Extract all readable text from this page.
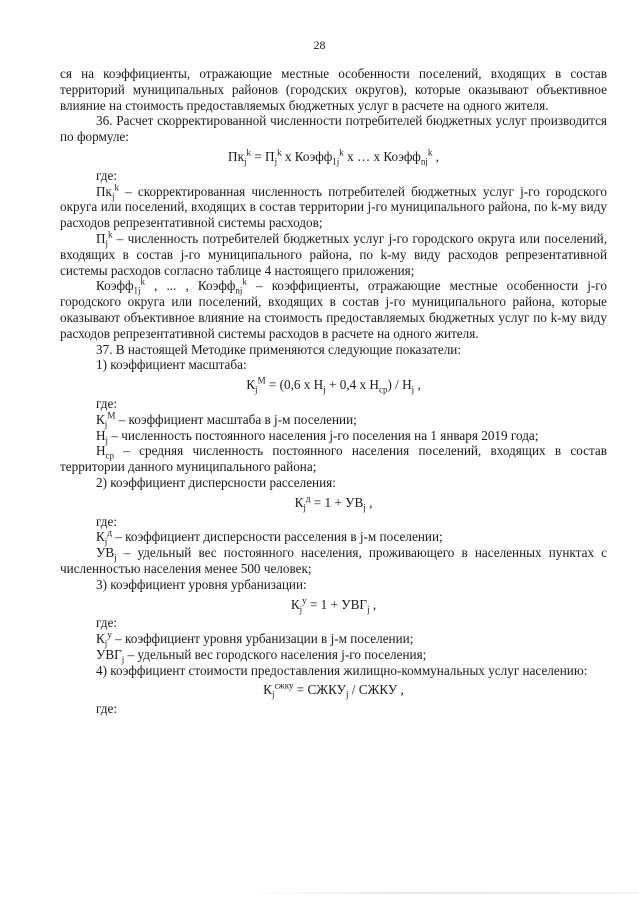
28

ся на коэффициенты, отражающие местные особенности поселений, входящих в состав территорий муниципальных районов (городских округов), которые оказывают объективное влияние на стоимость предоставляемых бюджетных услуг в расчете на одного жителя.

36. Расчет скорректированной численности потребителей бюджетных услуг производится по формуле:

$Пк_j^k = П_j^k$ х Коэфф$_{1j}^k$ х … х Коэфф$_{nj}^k$ ,

где:

$Пк_j^k$ – скорректированная численность потребителей бюджетных услуг j-го городского округа или поселений, входящих в состав территории j-го муниципального района, по k-му виду расходов репрезентативной системы расходов;

$П_j^k$ – численность потребителей бюджетных услуг j-го городского округа или поселений, входящих в состав j-го муниципального района, по k-му виду расходов репрезентативной системы расходов согласно таблице 4 настоящего приложения;

Коэфф$_{1j}^k$ , ... , Коэфф$_{nj}^k$ – коэффициенты, отражающие местные особенности j-го городского округа или поселений, входящих в состав j-го муниципального района, которые оказывают объективное влияние на стоимость предоставляемых бюджетных услуг по k-му виду расходов репрезентативной системы расходов в расчете на одного жителя.

37. В настоящей Методике применяются следующие показатели:

1) коэффициент масштаба:

$К_j^М = (0,6$ х $Н_j + 0,4$ х $Н_{ср}) / Н_j$ ,

где:

$К_j^М$ – коэффициент масштаба в j-м поселении;

$Н_j$ – численность постоянного населения j-го поселения на 1 января 2019 года;

$Н_{ср}$ – средняя численность постоянного населения поселений, входящих в состав территории данного муниципального района;

2) коэффициент дисперсности расселения:

$К_j^д = 1 + УВ_j$ ,

где:

$К_j^д$ – коэффициент дисперсности расселения в j-м поселении;

$УВ_j$ – удельный вес постоянного населения, проживающего в населенных пунктах с численностью населения менее 500 человек;

3) коэффициент уровня урбанизации:

$К_j^у = 1 + УВГ_j$ ,

где:

$К_j^у$ – коэффициент уровня урбанизации в j-м поселении;

$УВГ_j$ – удельный вес городского населения j-го поселения;

4) коэффициент стоимости предоставления жилищно-коммунальных услуг населению:

$К_j^{сжку}$ = $СЖКУ_j$ / СЖКУ ,

где:
